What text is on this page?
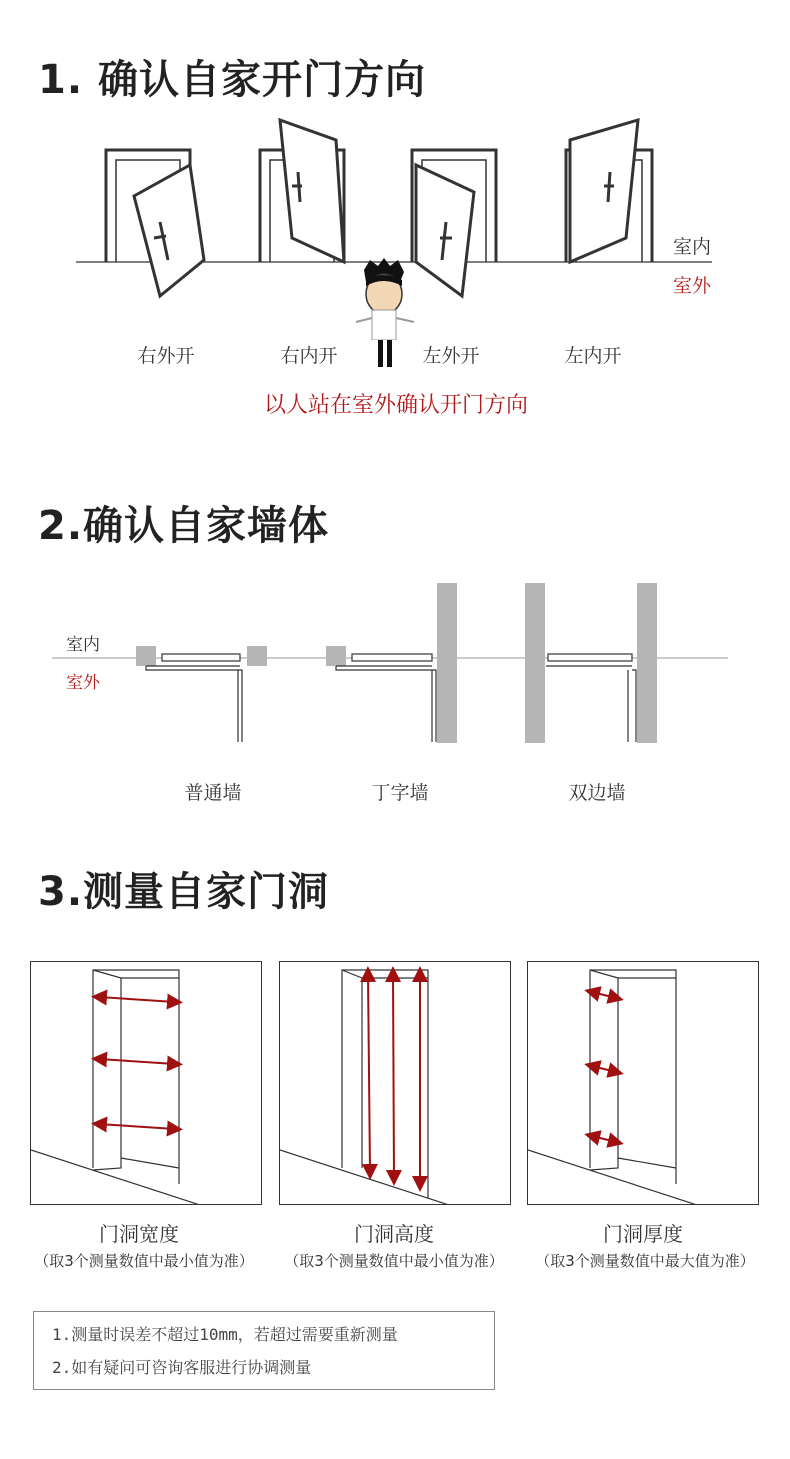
1. 确认自家开门方向
室内
室外
右外开	右内开	左外开	左内开
以人站在室外确认开门方向
2.确认自家墙体
室内
室外
普通墙	丁字墙	双边墙
3.测量自家门洞
门洞宽度	门洞高度	门洞厚度
（取3个测量数值中最小值为准） （取3个测量数值中最小值为准） （取3个测量数值中最大值为准）
1.测量时误差不超过10mm，若超过需要重新测量
2.如有疑问可咨询客服进行协调测量
